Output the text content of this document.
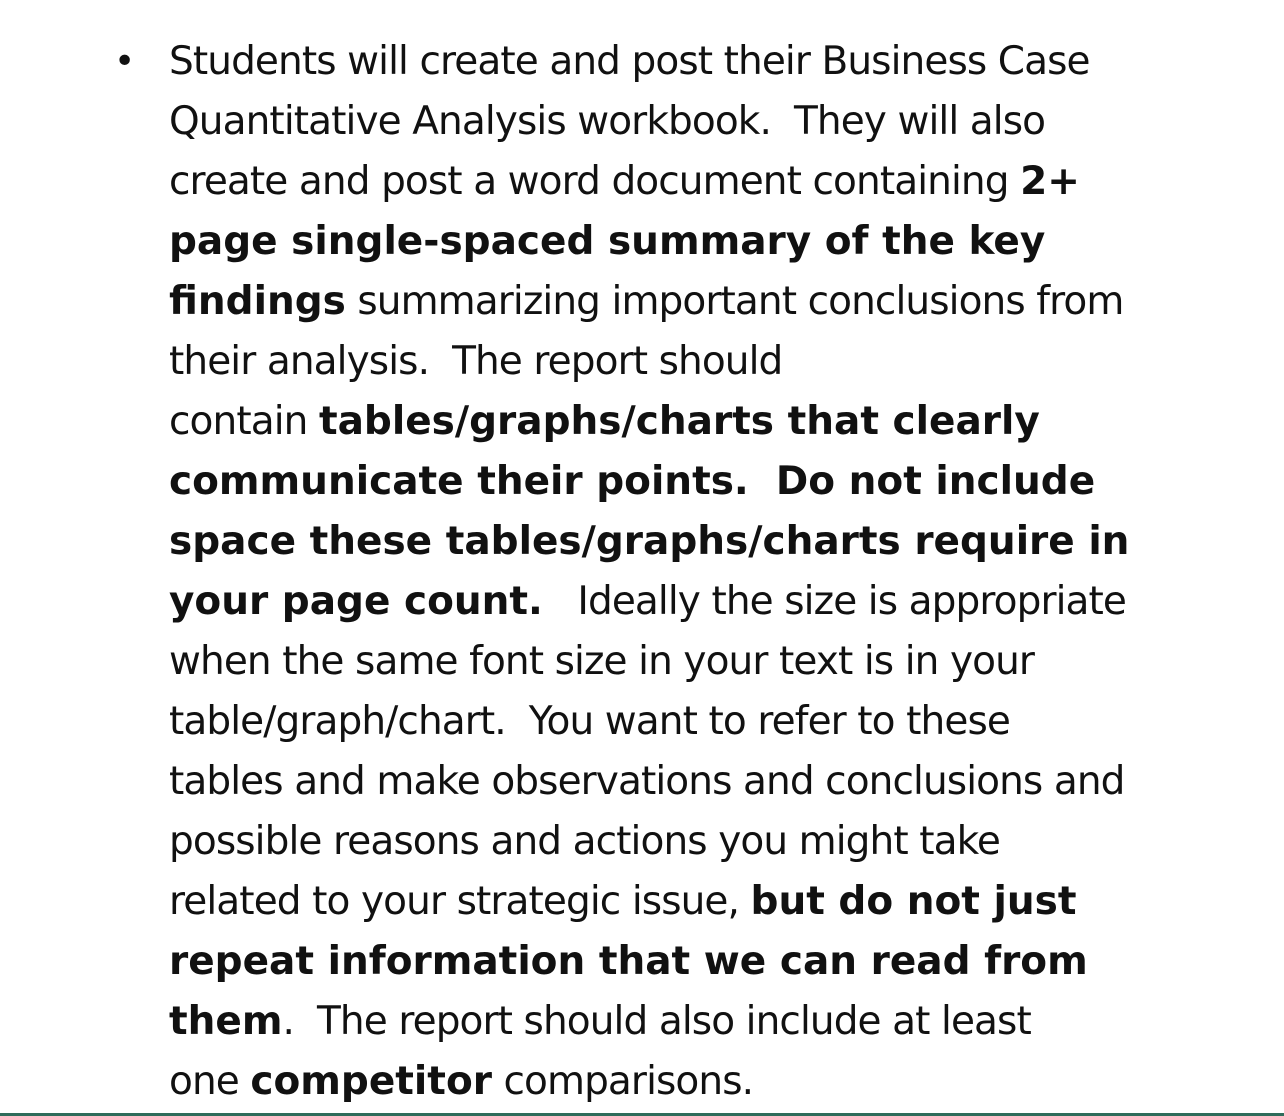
• Students will create and post their Business Case
Quantitative Analysis workbook.  They will also
create and post a word document containing 2+
page single-spaced summary of the key
findings summarizing important conclusions from
their analysis.  The report should
contain tables/graphs/charts that clearly
communicate their points.  Do not include
space these tables/graphs/charts require in
your page count.   Ideally the size is appropriate
when the same font size in your text is in your
table/graph/chart.  You want to refer to these
tables and make observations and conclusions and
possible reasons and actions you might take
related to your strategic issue, but do not just
repeat information that we can read from
them.  The report should also include at least
one competitor comparisons.
